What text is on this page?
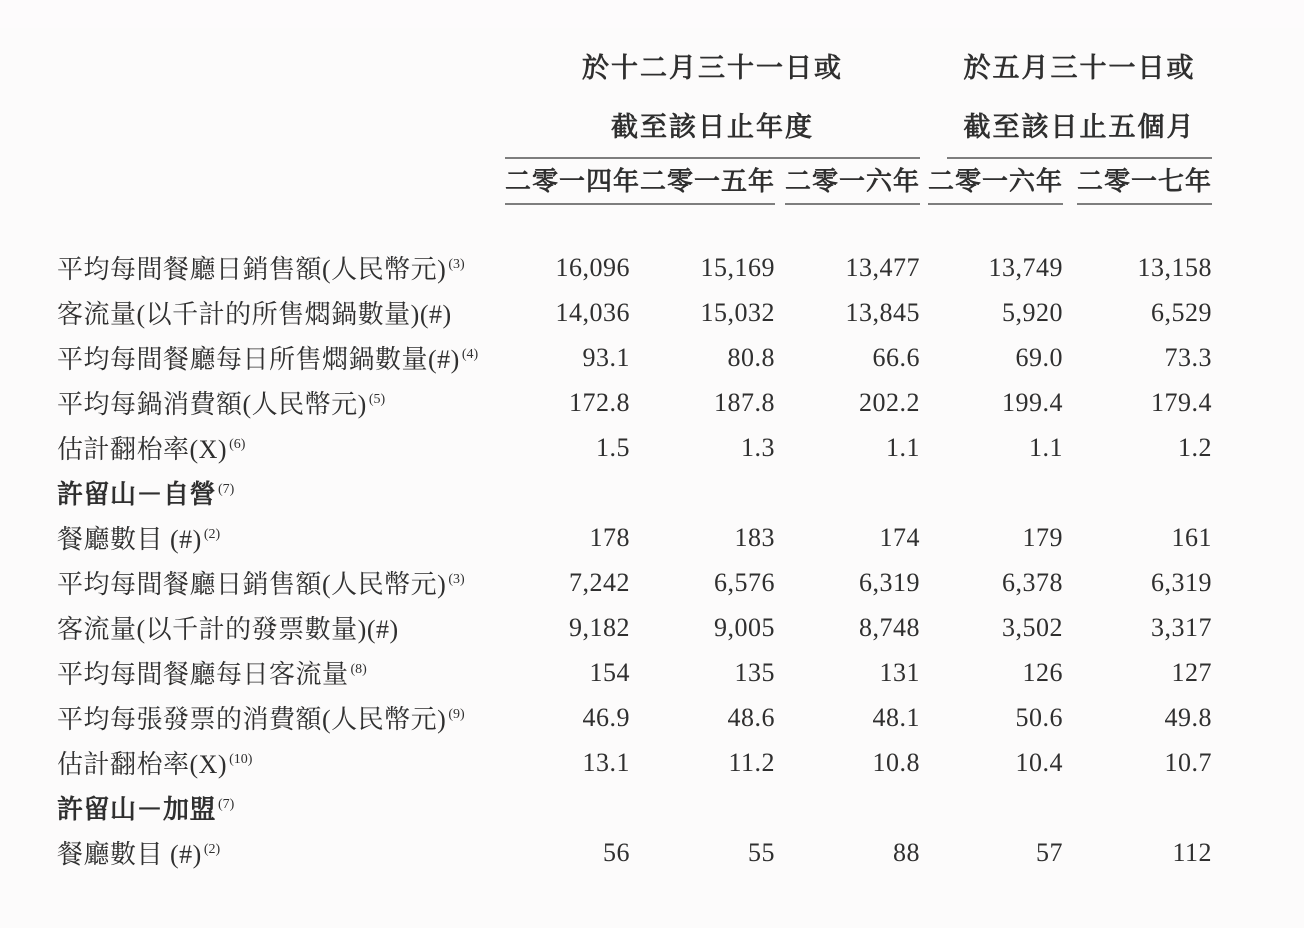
於十二月三十一日或
截至該日止年度

於五月三十一日或
截至該日止五個月

	二零一四年	二零一五年	二零一六年	二零一六年	二零一七年

平均每間餐廳日銷售額(人民幣元) $^{(3)}$	16,096	15,169	13,477	13,749	13,158
客流量(以千計的所售燜鍋數量)(#)	14,036	15,032	13,845	5,920	6,529
平均每間餐廳每日所售燜鍋數量(#) $^{(4)}$	93.1	80.8	66.6	69.0	73.3
平均每鍋消費額(人民幣元) $^{(5)}$	172.8	187.8	202.2	199.4	179.4
估計翻枱率(X) $^{(6)}$	1.5	1.3	1.1	1.1	1.2
許留山－自營 $^{(7)}$					
餐廳數目 (#) $^{(2)}$	178	183	174	179	161
平均每間餐廳日銷售額(人民幣元) $^{(3)}$	7,242	6,576	6,319	6,378	6,319
客流量(以千計的發票數量)(#)	9,182	9,005	8,748	3,502	3,317
平均每間餐廳每日客流量 $^{(8)}$	154	135	131	126	127
平均每張發票的消費額(人民幣元) $^{(9)}$	46.9	48.6	48.1	50.6	49.8
估計翻枱率(X) $^{(10)}$	13.1	11.2	10.8	10.4	10.7
許留山－加盟 $^{(7)}$					
餐廳數目 (#) $^{(2)}$	56	55	88	57	112
